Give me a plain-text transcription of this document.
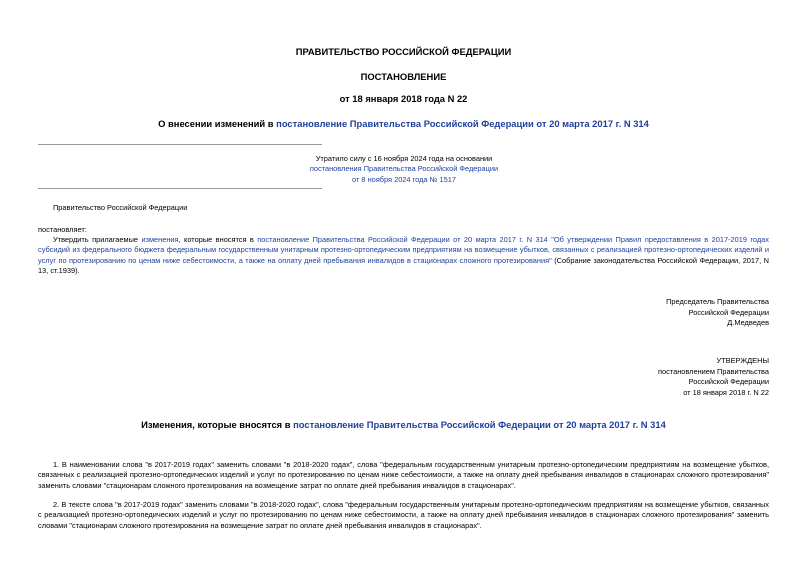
ПРАВИТЕЛЬСТВО РОССИЙСКОЙ ФЕДЕРАЦИИ
ПОСТАНОВЛЕНИЕ
от 18 января 2018 года N 22
О внесении изменений в постановление Правительства Российской Федерации от 20 марта 2017 г. N 314
Утратило силу с 16 ноября 2024 года на основании
постановления Правительства Российской Федерации
от 8 ноября 2024 года № 1517
Правительство Российской Федерации
постановляет:

Утвердить прилагаемые изменения, которые вносятся в постановление Правительства Российской Федерации от 20 марта 2017 г. N 314 "Об утверждении Правил предоставления в 2017-2019 годах субсидий из федерального бюджета федеральным государственным унитарным протезно-ортопедическим предприятиям на возмещение убытков, связанных с реализацией протезно-ортопедических изделий и услуг по протезированию по ценам ниже себестоимости, а также на оплату дней пребывания инвалидов в стационарах сложного протезирования" (Собрание законодательства Российской Федерации, 2017, N 13, ст.1939).

Председатель Правительства
Российской Федерации
Д.Медведев
УТВЕРЖДЕНЫ
постановлением Правительства
Российской Федерации
от 18 января 2018 г. N 22
Изменения, которые вносятся в постановление Правительства Российской Федерации от 20 марта 2017 г. N 314

1. В наименовании слова "в 2017-2019 годах" заменить словами "в 2018-2020 годах", слова "федеральным государственным унитарным протезно-ортопедическим предприятиям на возмещение убытков, связанных с реализацией протезно-ортопедических изделий и услуг по протезированию по ценам ниже себестоимости, а также на оплату дней пребывания инвалидов в стационарах сложного протезирования" заменить словами "стационарам сложного протезирования на возмещение затрат по оплате дней пребывания инвалидов в стационарах".

2. В тексте слова "в 2017-2019 годах" заменить словами "в 2018-2020 годах", слова "федеральным государственным унитарным протезно-ортопедическим предприятиям на возмещение убытков, связанных с реализацией протезно-ортопедических изделий и услуг по протезированию по ценам ниже себестоимости, а также на оплату дней пребывания инвалидов в стационарах сложного протезирования" заменить словами "стационарам сложного протезирования на возмещение затрат по оплате дней пребывания инвалидов в стационарах".
